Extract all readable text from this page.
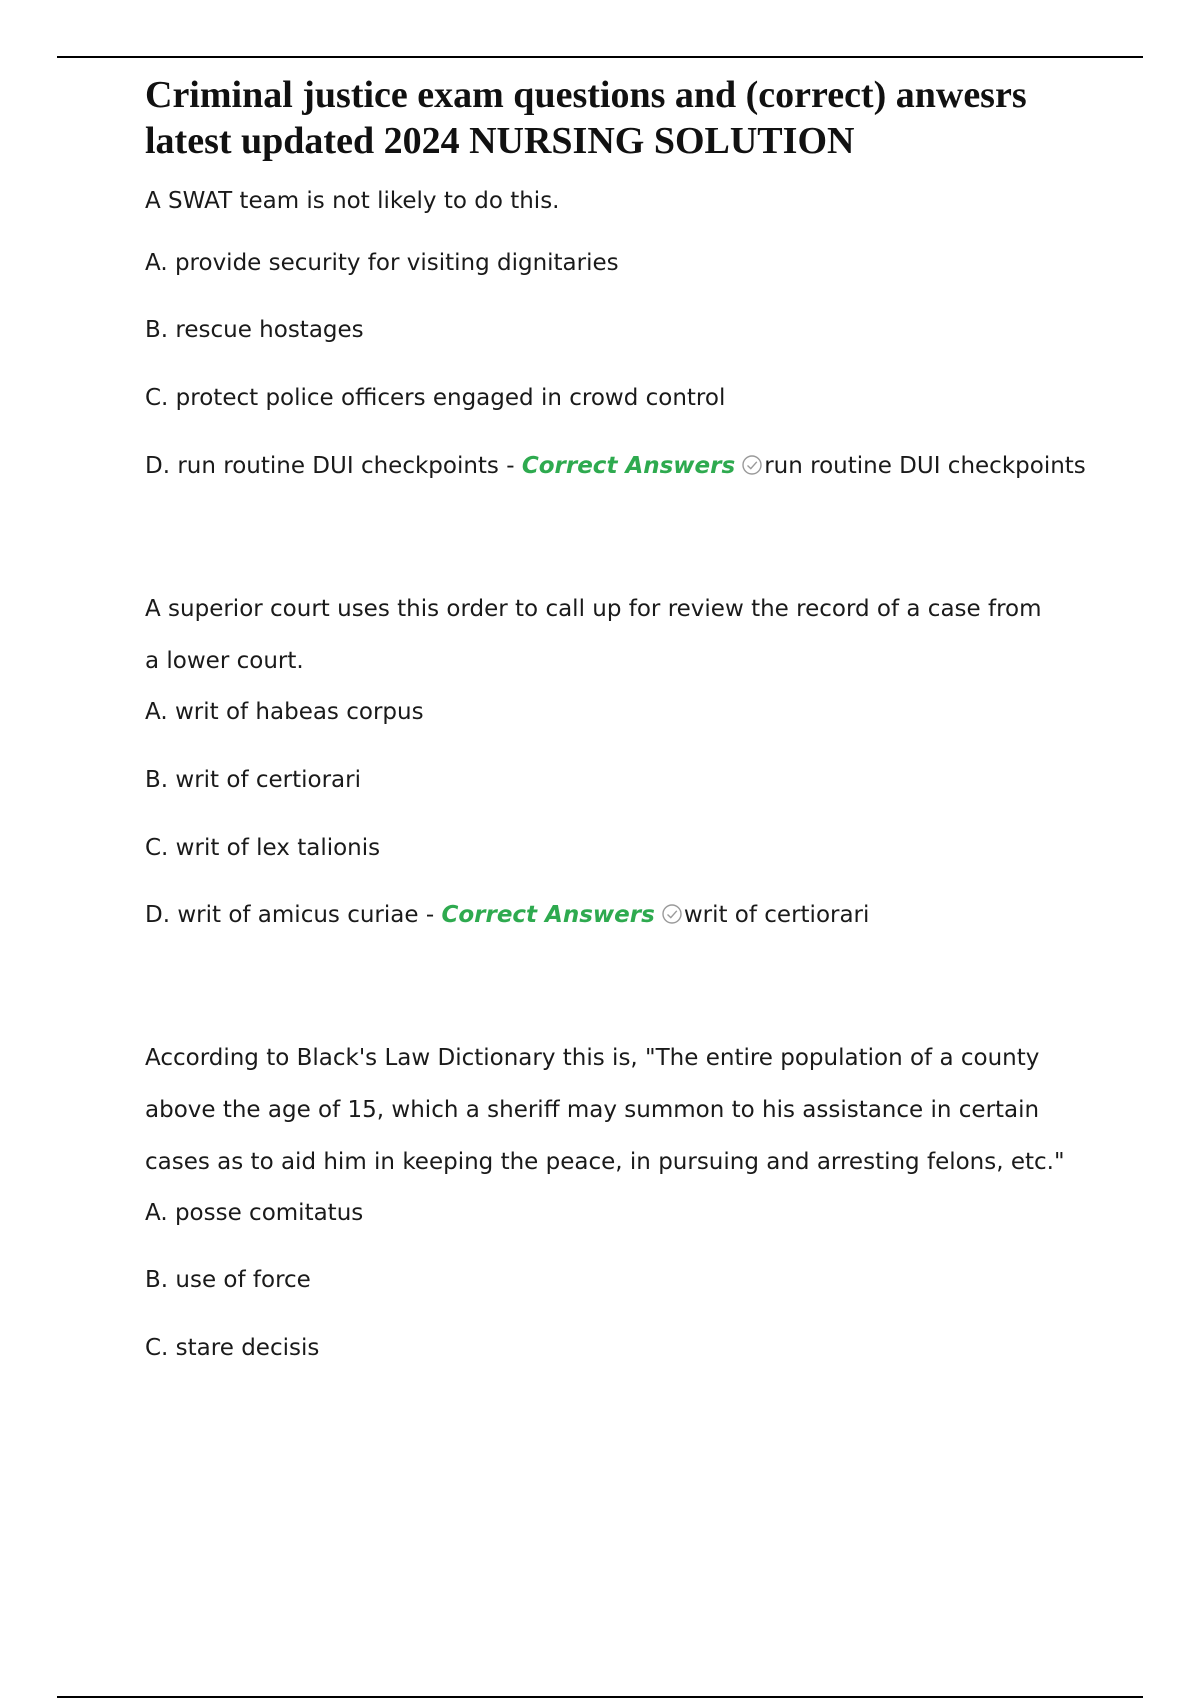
Criminal justice exam questions and (correct) anwesrs latest updated 2024 NURSING SOLUTION

A SWAT team is not likely to do this.

A. provide security for visiting dignitaries

B. rescue hostages

C. protect police officers engaged in crowd control

D. run routine DUI checkpoints - Correct Answers run routine DUI checkpoints

A superior court uses this order to call up for review the record of a case from a lower court.

A. writ of habeas corpus

B. writ of certiorari

C. writ of lex talionis

D. writ of amicus curiae - Correct Answers writ of certiorari

According to Black's Law Dictionary this is, "The entire population of a county above the age of 15, which a sheriff may summon to his assistance in certain cases as to aid him in keeping the peace, in pursuing and arresting felons, etc."

A. posse comitatus

B. use of force

C. stare decisis
